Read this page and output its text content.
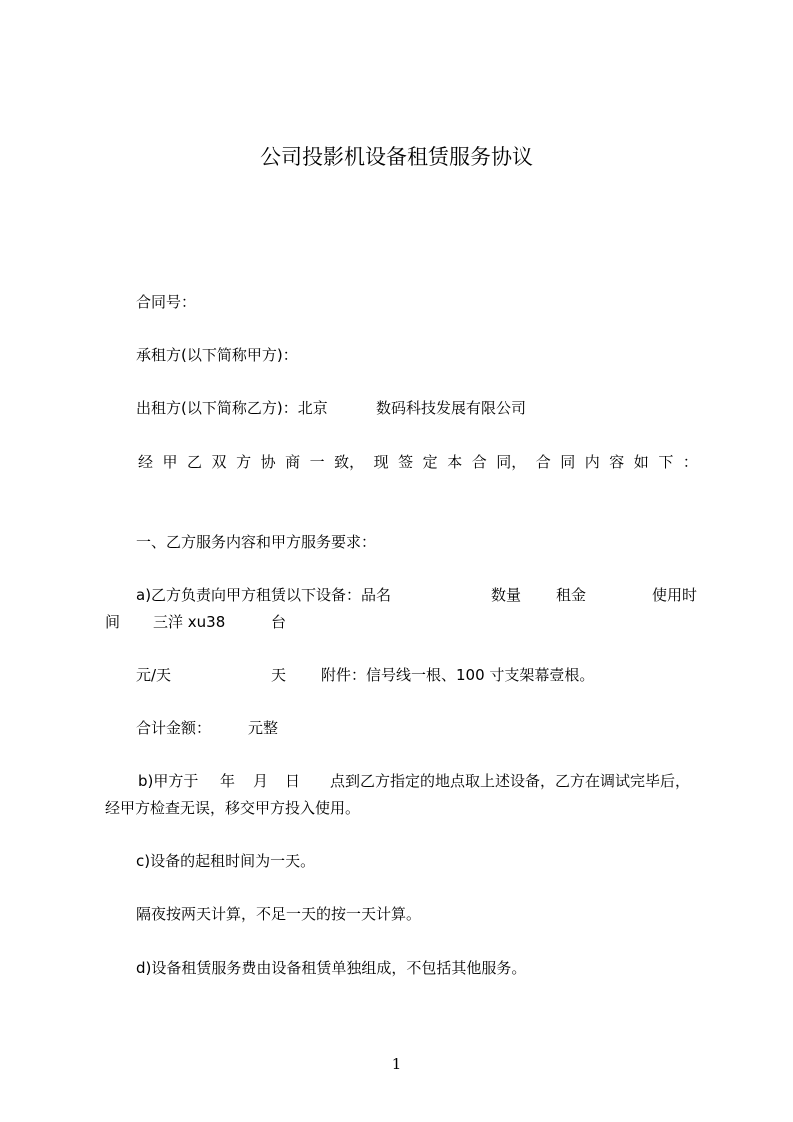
公司投影机设备租赁服务协议
合同号：
承租方(以下简称甲方)：
出租方(以下简称乙方)：北京	数码科技发展有限公司
经 甲 乙 双 方 协 商 一 致， 现 签 定 本 合 同， 合 同 内 容 如 下 ：
一、乙方服务内容和甲方服务要求：
a)乙方负责向甲方租赁以下设备：品名	数量 租金	使用时
间 三洋 xu38	台
元/天	天 附件：信号线一根、100 寸支架幕壹根。
合计金额： 元整
b)甲方于 年 月 日 点到乙方指定的地点取上述设备，乙方在调试完毕后，
经甲方检查无误，移交甲方投入使用。
c)设备的起租时间为一天。
隔夜按两天计算，不足一天的按一天计算。
d)设备租赁服务费由设备租赁单独组成，不包括其他服务。
1
